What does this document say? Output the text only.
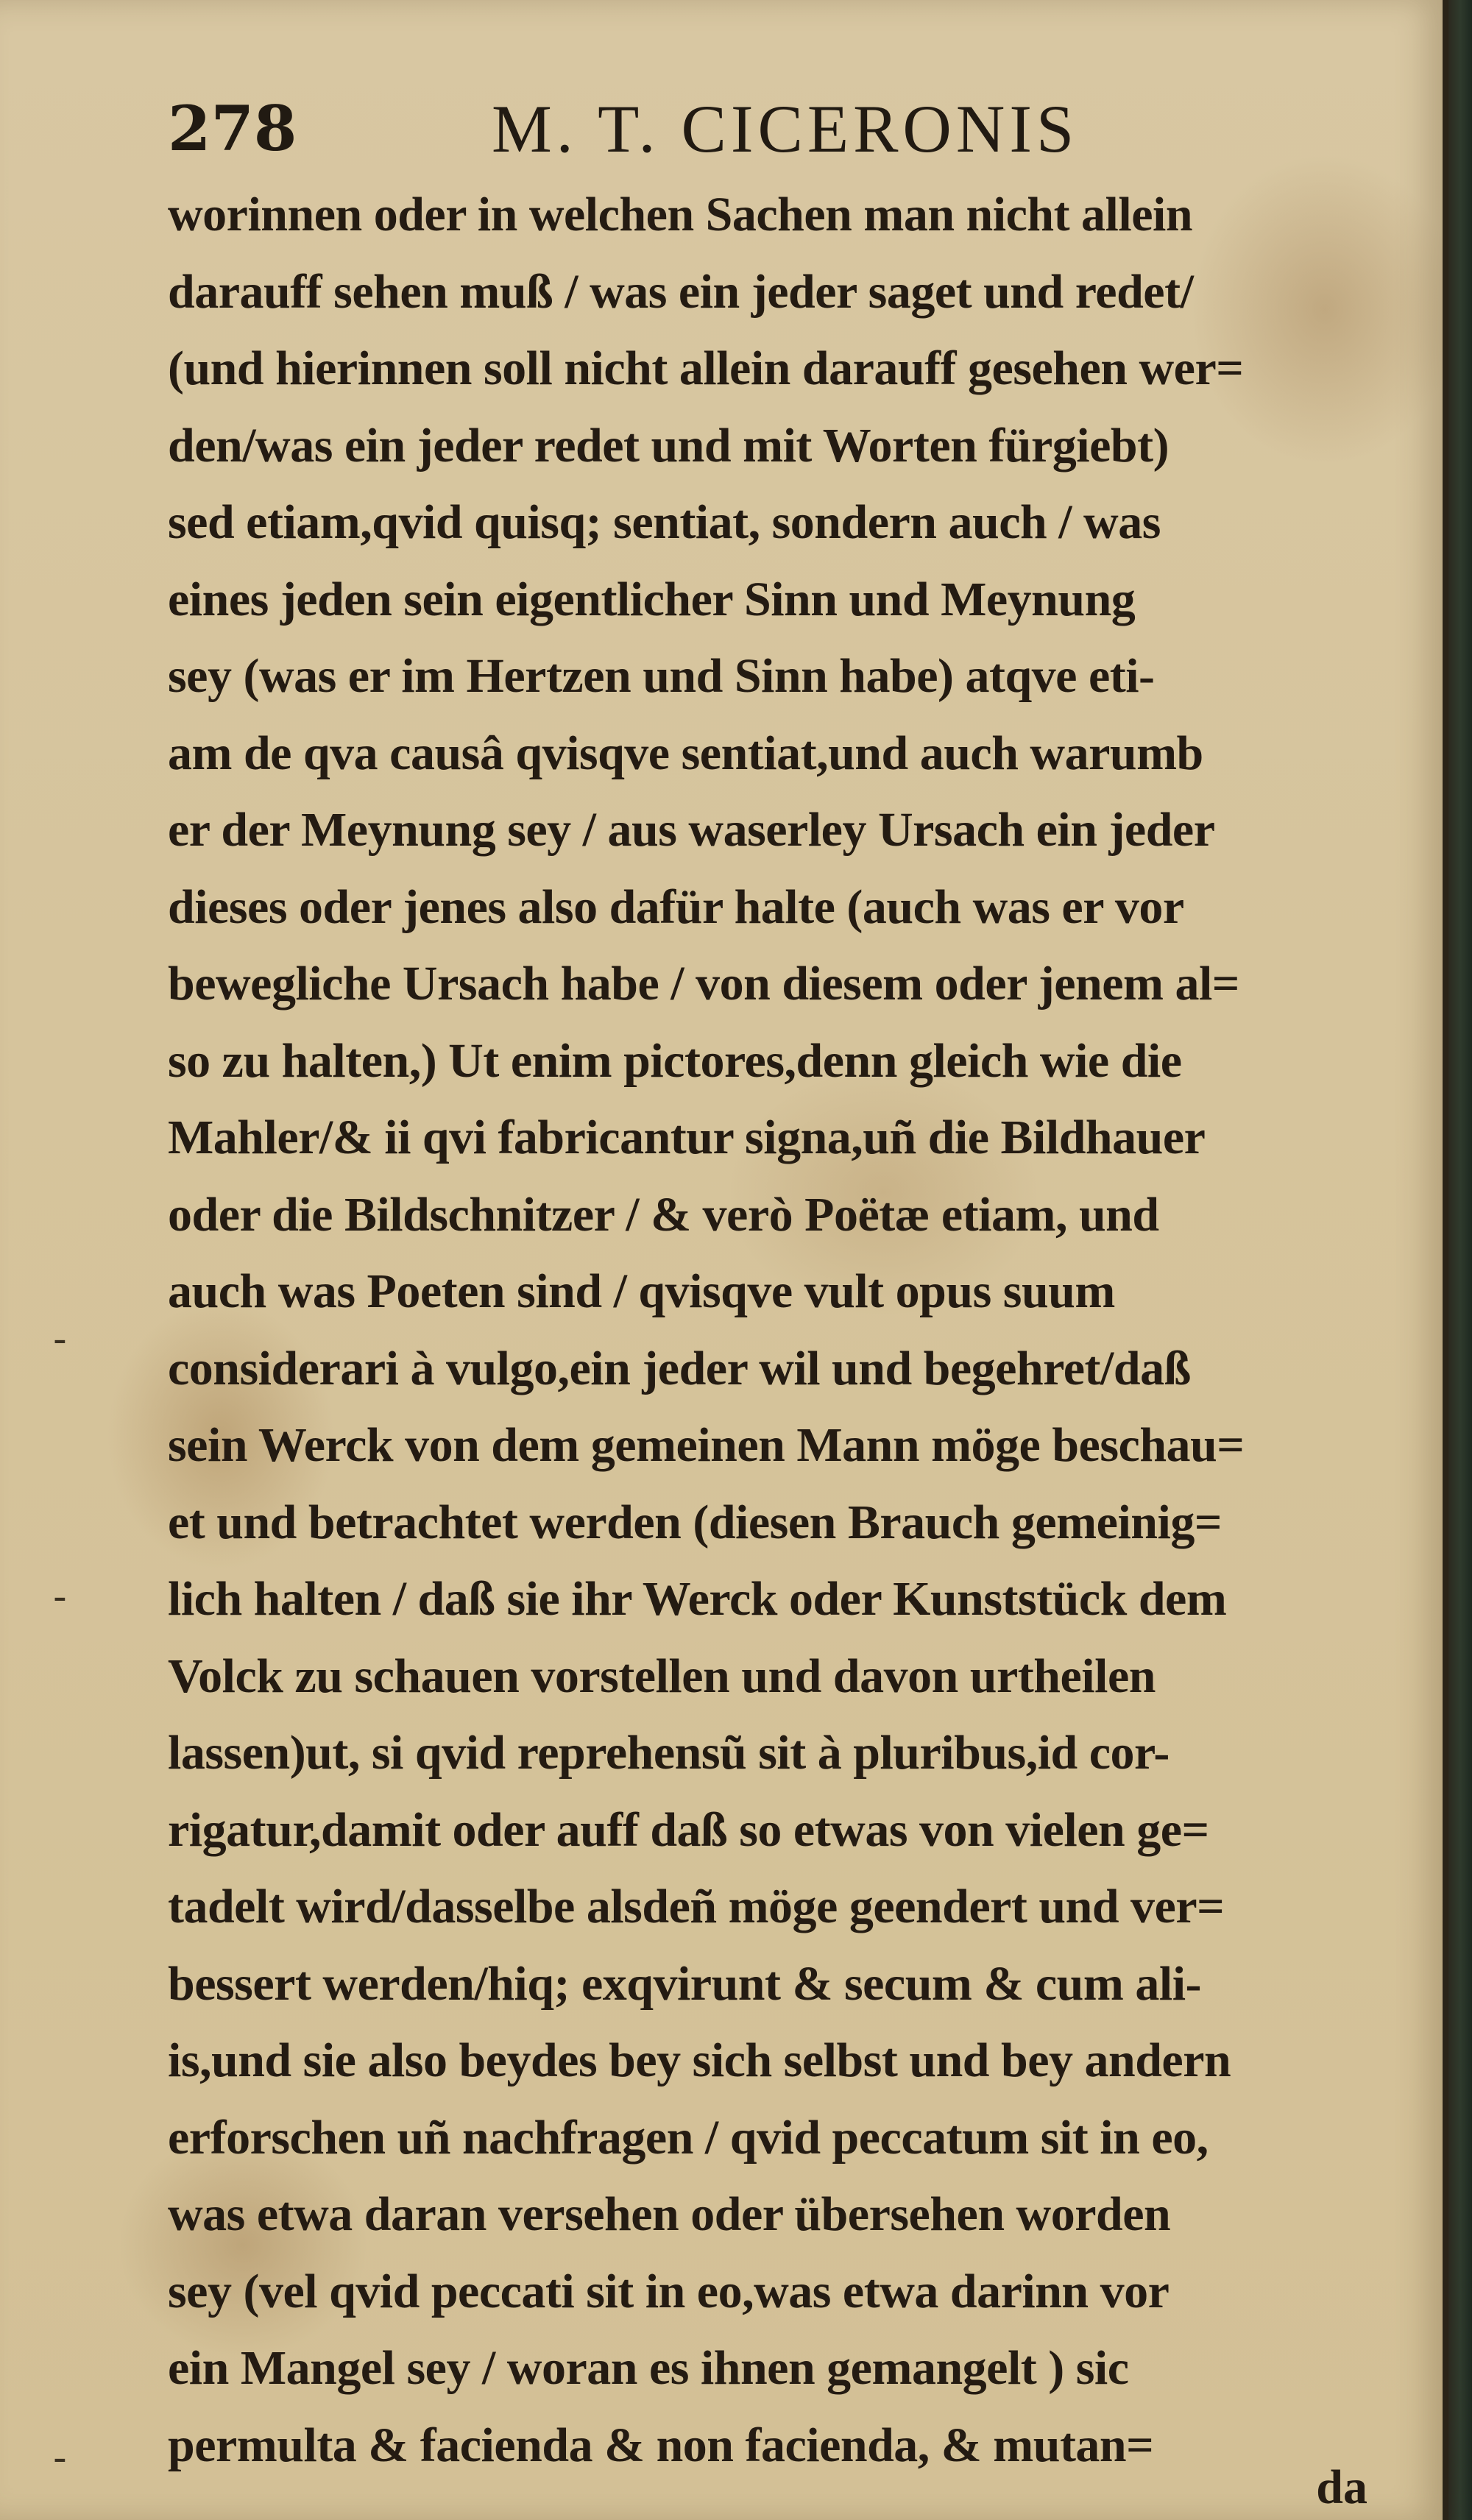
278	M. T. CICERONIS
-
-
-
worinnen oder in welchen Sachen man nicht allein
darauff sehen muß / was ein jeder saget und redet/
(und hierinnen soll nicht allein darauff gesehen wer=
den/was ein jeder redet und mit Worten fürgiebt)
sed etiam,qvid quisq; sentiat, sondern auch / was
eines jeden sein eigentlicher Sinn und Meynung
sey (was er im Hertzen und Sinn habe) atqve eti-
am de qva causâ qvisqve sentiat,und auch warumb
er der Meynung sey / aus waserley Ursach ein jeder
dieses oder jenes also dafür halte (auch was er vor
bewegliche Ursach habe / von diesem oder jenem al=
so zu halten,) Ut enim pictores,denn gleich wie die
Mahler/& ii qvi fabricantur signa,uñ die Bildhauer
oder die Bildschnitzer / & verò Poëtæ etiam, und
auch was Poeten sind / qvisqve vult opus suum
considerari à vulgo,ein jeder wil und begehret/daß
sein Werck von dem gemeinen Mann möge beschau=
et und betrachtet werden (diesen Brauch gemeinig=
lich halten / daß sie ihr Werck oder Kunststück dem
Volck zu schauen vorstellen und davon urtheilen
lassen)ut, si qvid reprehensũ sit à pluribus,id cor-
rigatur,damit oder auff daß so etwas von vielen ge=
tadelt wird/dasselbe alsdeñ möge geendert und ver=
bessert werden/hiq; exqvirunt & secum & cum ali-
is,und sie also beydes bey sich selbst und bey andern
erforschen uñ nachfragen / qvid peccatum sit in eo,
was etwa daran versehen oder übersehen worden
sey (vel qvid peccati sit in eo,was etwa darinn vor
ein Mangel sey / woran es ihnen gemangelt ) sic
permulta & facienda & non facienda, & mutan=
da
